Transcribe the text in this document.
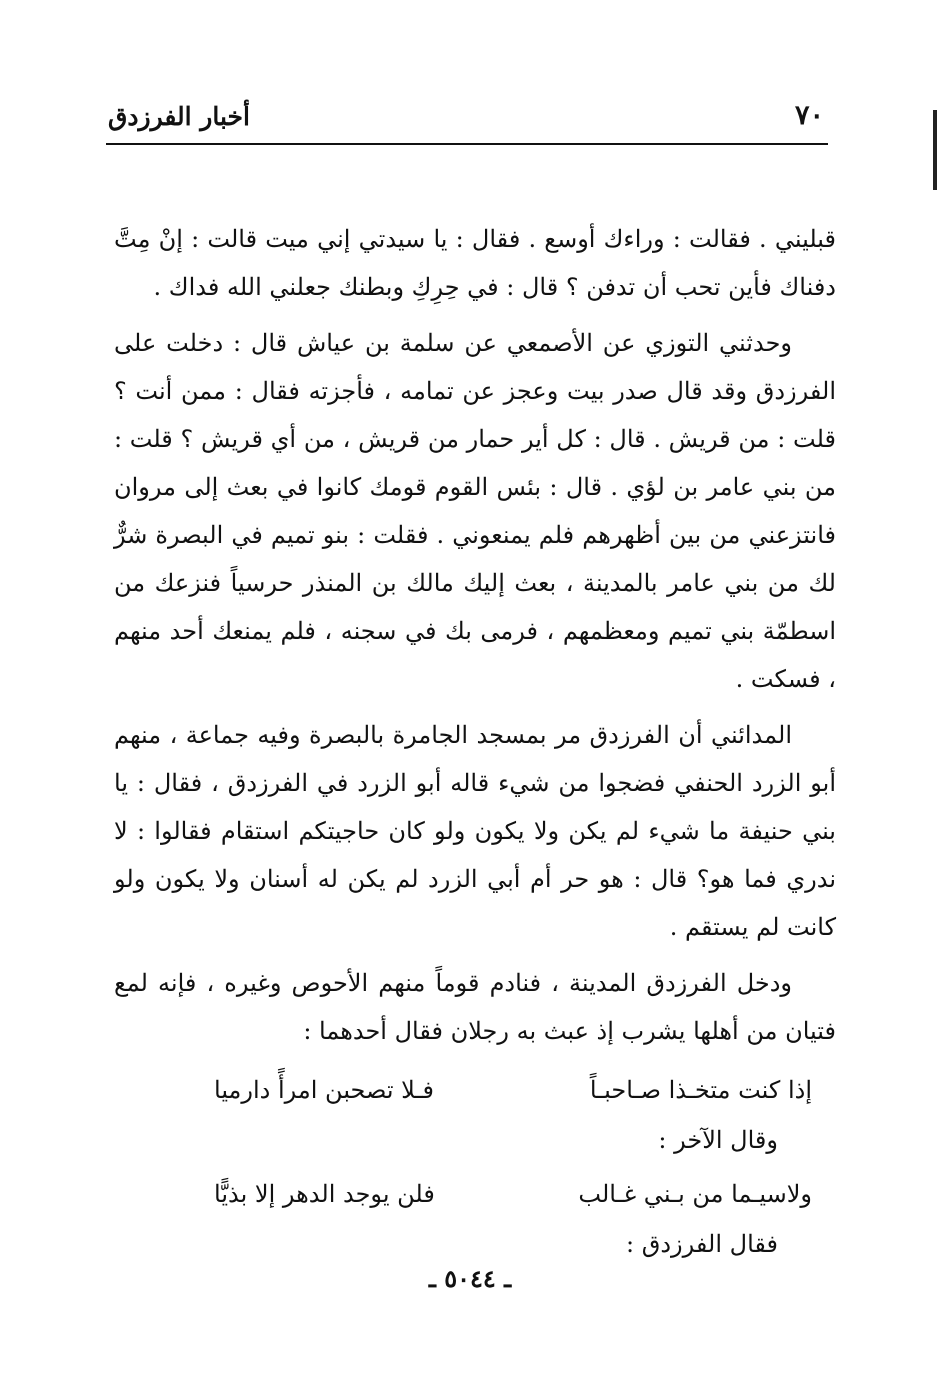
٧٠
أخبار الفرزدق

قبليني . فقالت : وراءك أوسع . فقال : يا سيدتي إني ميت قالت : إنْ مِتَّ دفناك فأين تحب أن تدفن ؟ قال : في حِرِكِ وبطنك جعلني الله فداك .

وحدثني التوزي عن الأصمعي عن سلمة بن عياش قال : دخلت على الفرزدق وقد قال صدر بيت وعجز عن تمامه ، فأجزته فقال : ممن أنت ؟ قلت : من قريش . قال : كل أير حمار من قريش ، من أي قريش ؟ قلت : من بني عامر بن لؤي . قال : بئس القوم قومك كانوا في بعث إلى مروان فانتزعني من بين أظهرهم فلم يمنعوني . فقلت : بنو تميم في البصرة شرٌّ لك من بني عامر بالمدينة ، بعث إليك مالك بن المنذر حرسياً فنزعك من اسطمّة بني تميم ومعظمهم ، فرمى بك في سجنه ، فلم يمنعك أحد منهم ، فسكت .

المدائني أن الفرزدق مر بمسجد الجامرة بالبصرة وفيه جماعة ، منهم أبو الزرد الحنفي فضجوا من شيء قاله أبو الزرد في الفرزدق ، فقال : يا بني حنيفة ما شيء لم يكن ولا يكون ولو كان حاجيتكم استقام فقالوا : لا ندري فما هو؟ قال : هو حر أم أبي الزرد لم يكن له أسنان ولا يكون ولو كانت لم يستقم .

ودخل الفرزدق المدينة ، فنادم قوماً منهم الأحوص وغيره ، فإنه لمع فتيان من أهلها يشرب إذ عبث به رجلان فقال أحدهما :

إذا كنت متخـذا صـاحبـاً
فـلا تصحبن امرأً دارميا
وقال الآخر :
ولاسيـما من بـني غـالب
فلن يوجد الدهر إلا بذيًّا
فقال الفرزدق :
ـ ٥٠٤٤ ـ
